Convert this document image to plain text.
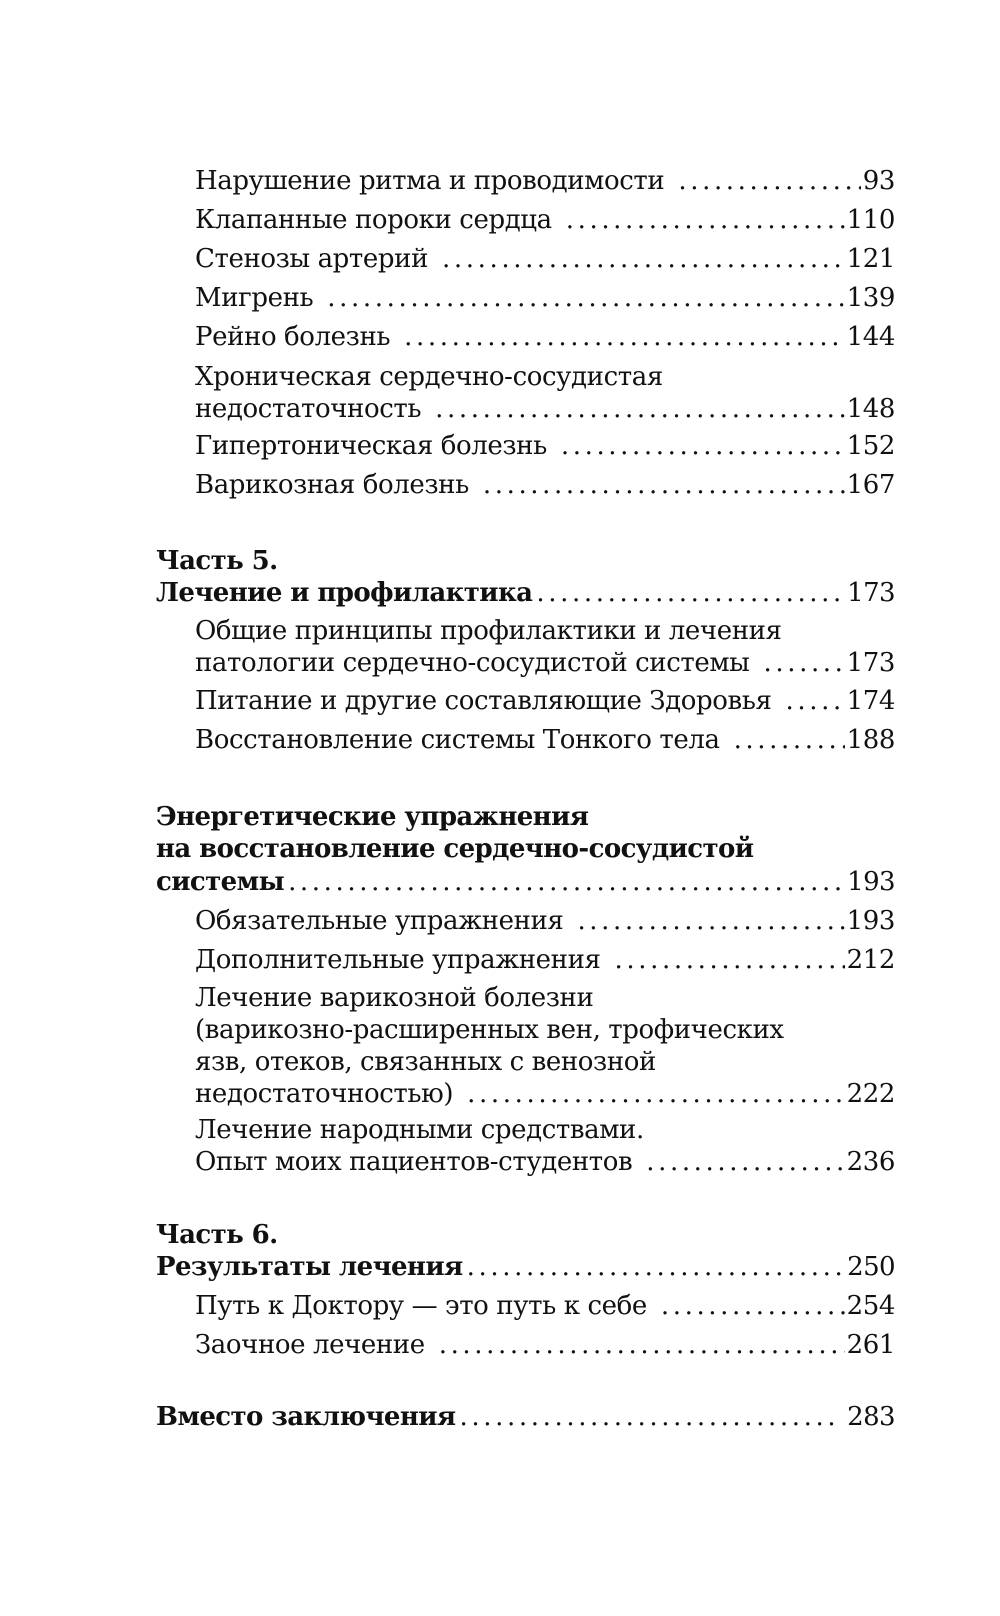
Нарушение ритма и проводимости .....	93
Клапанные пороки сердца .....	110
Стенозы артерий .....	121
Мигрень .....	139
Рейно болезнь .....	144
Хроническая сердечно-сосудистая
недостаточность .....	148
Гипертоническая болезнь .....	152
Варикозная болезнь .....	167
Часть 5.
Лечение и профилактика .....	173
Общие принципы профилактики и лечения
патологии сердечно-сосудистой системы .....	173
Питание и другие составляющие Здоровья .....	174
Восстановление системы Тонкого тела .....	188
Энергетические упражнения
на восстановление сердечно-сосудистой
системы .....	193
Обязательные упражнения .....	193
Дополнительные упражнения .....	212
Лечение варикозной болезни
(варикозно-расширенных вен, трофических
язв, отеков, связанных с венозной
недостаточностью) .....	222
Лечение народными средствами.
Опыт моих пациентов-студентов .....	236
Часть 6.
Результаты лечения .....	250
Путь к Доктору — это путь к себе .....	254
Заочное лечение .....	261
Вместо заключения .....	283
